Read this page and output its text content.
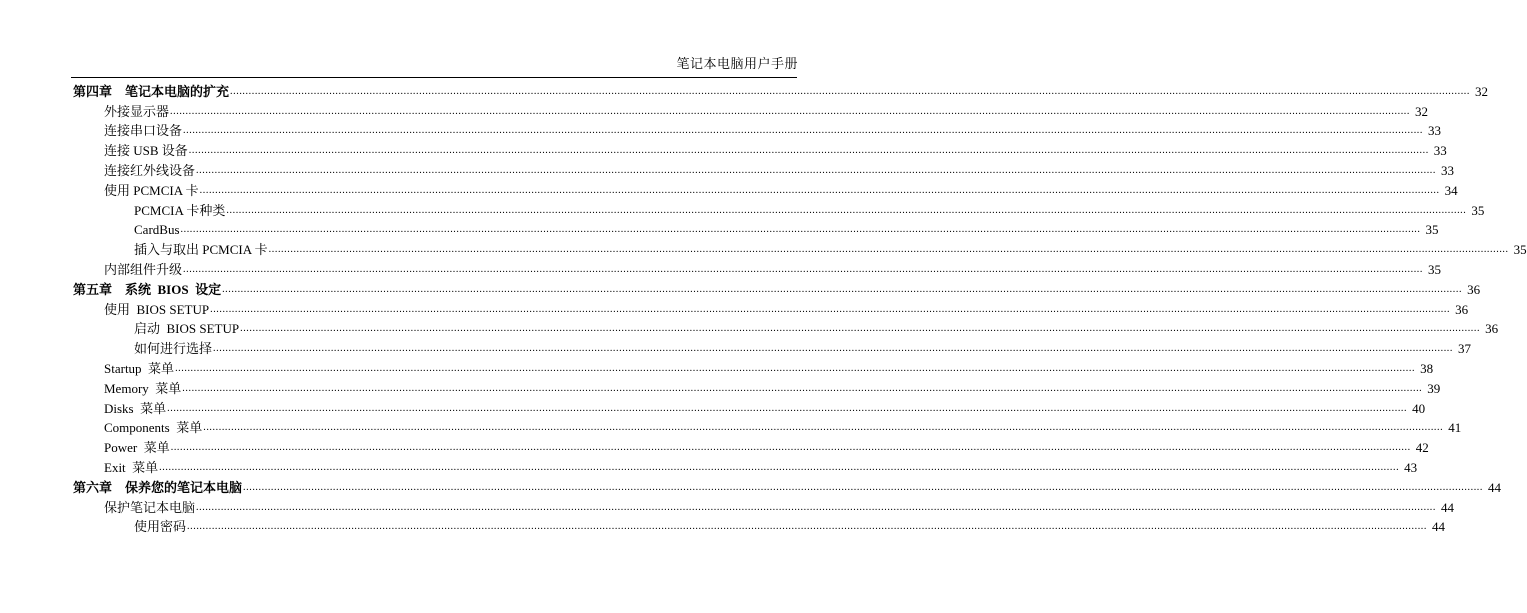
笔记本电脑用户手册
第四章    笔记本电脑的扩充 ................................................................................................................................................................................................................................................................................................................................................................................................................ 32
外接显示器 ................................................................................................................................................................................................................................................................................................................................................................................................................ 32
连接串口设备 ................................................................................................................................................................................................................................................................................................................................................................................................................ 33
连接 USB 设备 ................................................................................................................................................................................................................................................................................................................................................................................................................ 33
连接红外线设备 ................................................................................................................................................................................................................................................................................................................................................................................................................ 33
使用 PCMCIA 卡 ................................................................................................................................................................................................................................................................................................................................................................................................................ 34
PCMCIA 卡种类 ................................................................................................................................................................................................................................................................................................................................................................................................................ 35
CardBus ................................................................................................................................................................................................................................................................................................................................................................................................................ 35
插入与取出 PCMCIA 卡 ................................................................................................................................................................................................................................................................................................................................................................................................................ 35
内部组件升级 ................................................................................................................................................................................................................................................................................................................................................................................................................ 35
第五章    系统  BIOS  设定 ................................................................................................................................................................................................................................................................................................................................................................................................................ 36
使用  BIOS SETUP ................................................................................................................................................................................................................................................................................................................................................................................................................ 36
启动  BIOS SETUP ................................................................................................................................................................................................................................................................................................................................................................................................................ 36
如何进行选择 ................................................................................................................................................................................................................................................................................................................................................................................................................ 37
Startup  菜单 ................................................................................................................................................................................................................................................................................................................................................................................................................ 38
Memory  菜单 ................................................................................................................................................................................................................................................................................................................................................................................................................ 39
Disks  菜单 ................................................................................................................................................................................................................................................................................................................................................................................................................ 40
Components  菜单 ................................................................................................................................................................................................................................................................................................................................................................................................................ 41
Power  菜单 ................................................................................................................................................................................................................................................................................................................................................................................................................ 42
Exit  菜单 ................................................................................................................................................................................................................................................................................................................................................................................................................ 43
第六章    保养您的笔记本电脑 ................................................................................................................................................................................................................................................................................................................................................................................................................ 44
保护笔记本电脑 ................................................................................................................................................................................................................................................................................................................................................................................................................ 44
使用密码 ................................................................................................................................................................................................................................................................................................................................................................................................................ 44
